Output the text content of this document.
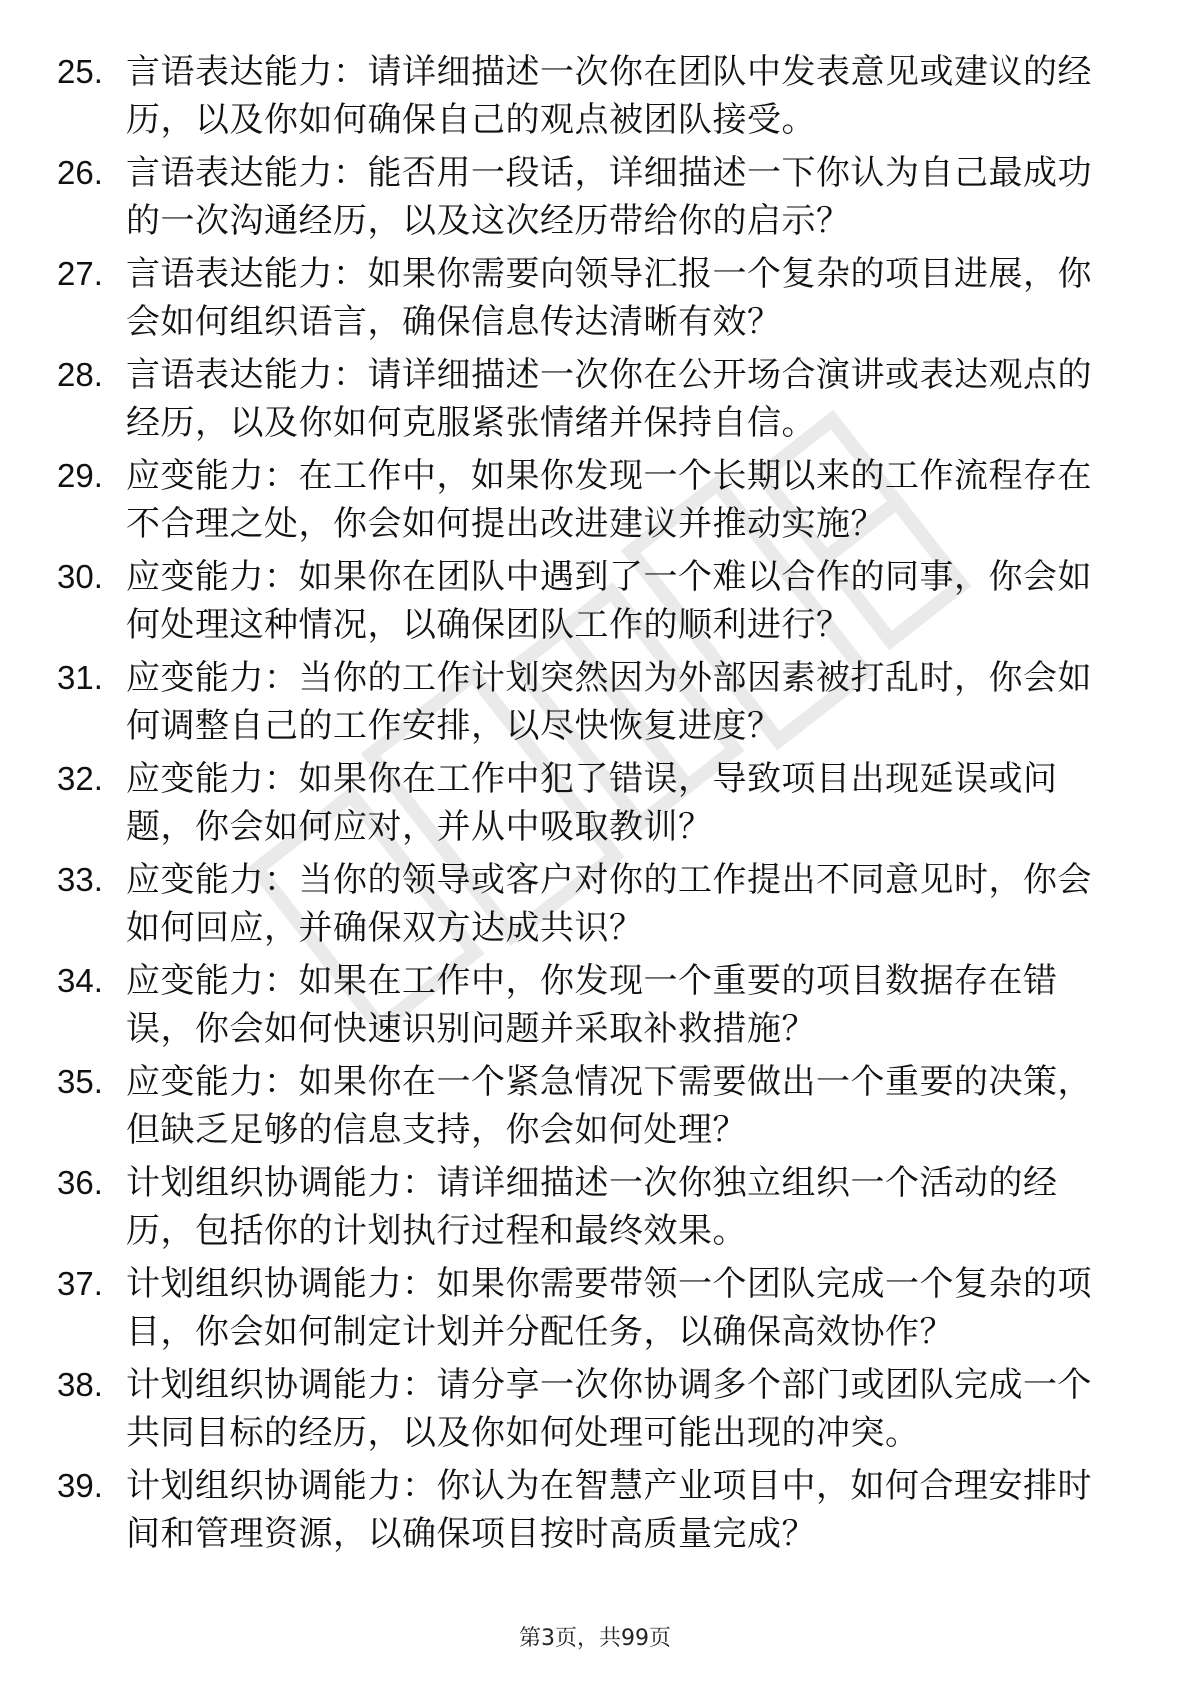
25. 言语表达能力：请详细描述一次你在团队中发表意见或建议的经历，以及你如何确保自己的观点被团队接受。
26. 言语表达能力：能否用一段话，详细描述一下你认为自己最成功的一次沟通经历，以及这次经历带给你的启示？
27. 言语表达能力：如果你需要向领导汇报一个复杂的项目进展，你会如何组织语言，确保信息传达清晰有效？
28. 言语表达能力：请详细描述一次你在公开场合演讲或表达观点的经历，以及你如何克服紧张情绪并保持自信。
29. 应变能力：在工作中，如果你发现一个长期以来的工作流程存在不合理之处，你会如何提出改进建议并推动实施？
30. 应变能力：如果你在团队中遇到了一个难以合作的同事，你会如何处理这种情况，以确保团队工作的顺利进行？
31. 应变能力：当你的工作计划突然因为外部因素被打乱时，你会如何调整自己的工作安排，以尽快恢复进度？
32. 应变能力：如果你在工作中犯了错误，导致项目出现延误或问题，你会如何应对，并从中吸取教训？
33. 应变能力：当你的领导或客户对你的工作提出不同意见时，你会如何回应，并确保双方达成共识？
34. 应变能力：如果在工作中，你发现一个重要的项目数据存在错误，你会如何快速识别问题并采取补救措施？
35. 应变能力：如果你在一个紧急情况下需要做出一个重要的决策，但缺乏足够的信息支持，你会如何处理？
36. 计划组织协调能力：请详细描述一次你独立组织一个活动的经历，包括你的计划执行过程和最终效果。
37. 计划组织协调能力：如果你需要带领一个团队完成一个复杂的项目，你会如何制定计划并分配任务，以确保高效协作？
38. 计划组织协调能力：请分享一次你协调多个部门或团队完成一个共同目标的经历，以及你如何处理可能出现的冲突。
39. 计划组织协调能力：你认为在智慧产业项目中，如何合理安排时间和管理资源，以确保项目按时高质量完成？
第3页，共99页
